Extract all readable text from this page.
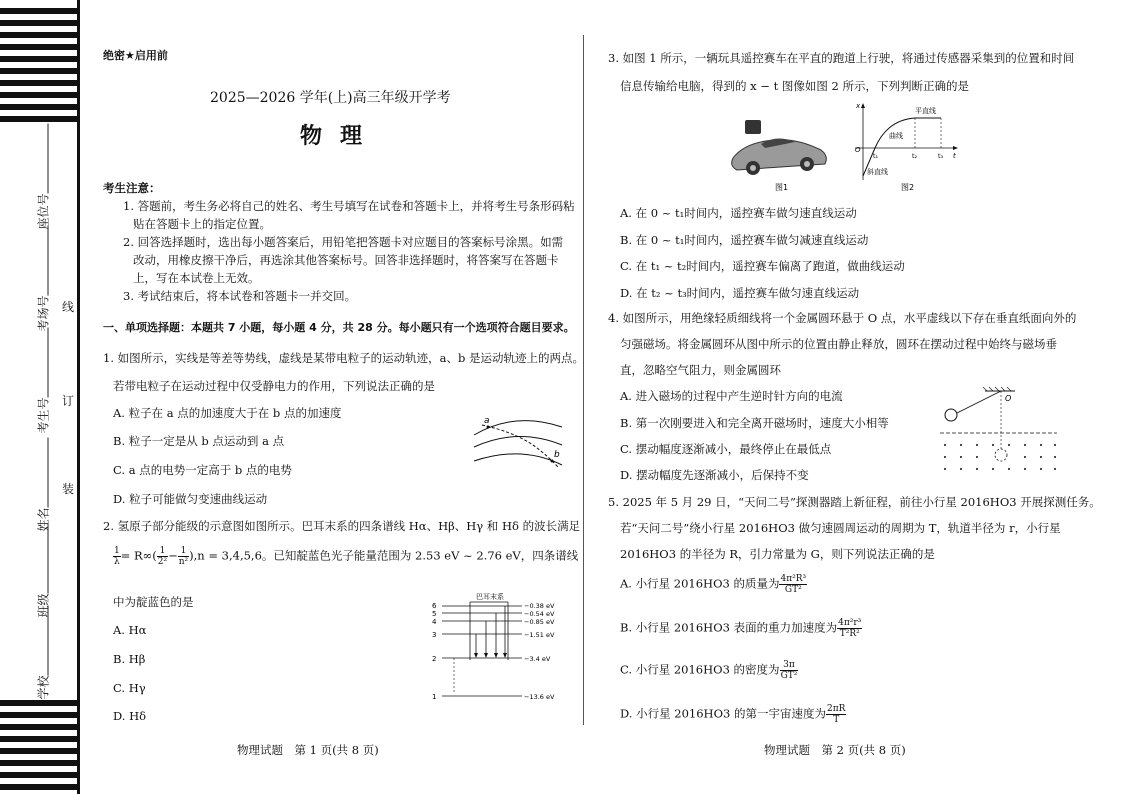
座位号
考场号
考生号
姓名
班级
学校
线
订
装
绝密★启用前
2025—2026 学年(上)高三年级开学考
物理
考生注意：
1. 答题前，考生务必将自己的姓名、考生号填写在试卷和答题卡上，并将考生号条形码粘
贴在答题卡上的指定位置。
2. 回答选择题时，选出每小题答案后，用铅笔把答题卡对应题目的答案标号涂黑。如需
改动，用橡皮擦干净后，再选涂其他答案标号。回答非选择题时，将答案写在答题卡
上，写在本试卷上无效。
3. 考试结束后，将本试卷和答题卡一并交回。
一、单项选择题：本题共 7 小题，每小题 4 分，共 28 分。每小题只有一个选项符合题目要求。
1. 如图所示，实线是等差等势线，虚线是某带电粒子的运动轨迹，a、b 是运动轨迹上的两点。
若带电粒子在运动过程中仅受静电力的作用，下列说法正确的是
A. 粒子在 a 点的加速度大于在 b 点的加速度
B. 粒子一定是从 b 点运动到 a 点
C. a 点的电势一定高于 b 点的电势
D. 粒子可能做匀变速曲线运动
a
b
2. 氢原子部分能级的示意图如图所示。巴耳末系的四条谱线 Hα、Hβ、Hγ 和 Hδ 的波长满足
$\frac{1}{\lambda} = R\infty( \frac{1}{\text{2²}} - \frac{1}{\text{n²}} ),n = 3,4,5,6$。已知靛蓝色光子能量范围为 2.53 eV ~ 2.76 eV，四条谱线
中为靛蓝色的是
A. Hα
B. Hβ
C. Hγ
D. Hδ
巴耳末系
6
5
4
3
2
1
−0.38 eV
−0.54 eV
−0.85 eV
−1.51 eV
−3.4 eV
−13.6 eV
物理试题　第 1 页(共 8 页)
3. 如图 1 所示，一辆玩具遥控赛车在平直的跑道上行驶，将通过传感器采集到的位置和时间
信息传输给电脑，得到的 x − t 图像如图 2 所示，下列判断正确的是
图1
x
t
O
t₁	t₂	t₃
平直线
曲线
斜直线
图2
A. 在 0 ~ t₁时间内，遥控赛车做匀速直线运动
B. 在 0 ~ t₁时间内，遥控赛车做匀减速直线运动
C. 在 t₁ ~ t₂时间内，遥控赛车偏离了跑道，做曲线运动
D. 在 t₂ ~ t₃时间内，遥控赛车做匀速直线运动
4. 如图所示，用绝缘轻质细线将一个金属圆环悬于 O 点，水平虚线以下存在垂直纸面向外的
匀强磁场。将金属圆环从图中所示的位置由静止释放，圆环在摆动过程中始终与磁场垂
直，忽略空气阻力，则金属圆环
A. 进入磁场的过程中产生逆时针方向的电流
B. 第一次刚要进入和完全离开磁场时，速度大小相等
C. 摆动幅度逐渐减小，最终停止在最低点
D. 摆动幅度先逐渐减小，后保持不变
O
5. 2025 年 5 月 29 日，“天问二号”探测器踏上新征程，前往小行星 2016HO3 开展探测任务。
若“天问二号”绕小行星 2016HO3 做匀速圆周运动的周期为 T，轨道半径为 r，小行星
2016HO3 的半径为 R，引力常量为 G，则下列说法正确的是
A. 小行星 2016HO3 的质量为 $\frac{\text{4π²R³}}{\text{GT²}}$
B. 小行星 2016HO3 表面的重力加速度为 $\frac{\text{4π²r³}}{\text{T²R²}}$
C. 小行星 2016HO3 的密度为 $\frac{3\pi}{\text{GT²}}$
D. 小行星 2016HO3 的第一宇宙速度为 $\frac{2\pi R}{T}$
物理试题　第 2 页(共 8 页)
